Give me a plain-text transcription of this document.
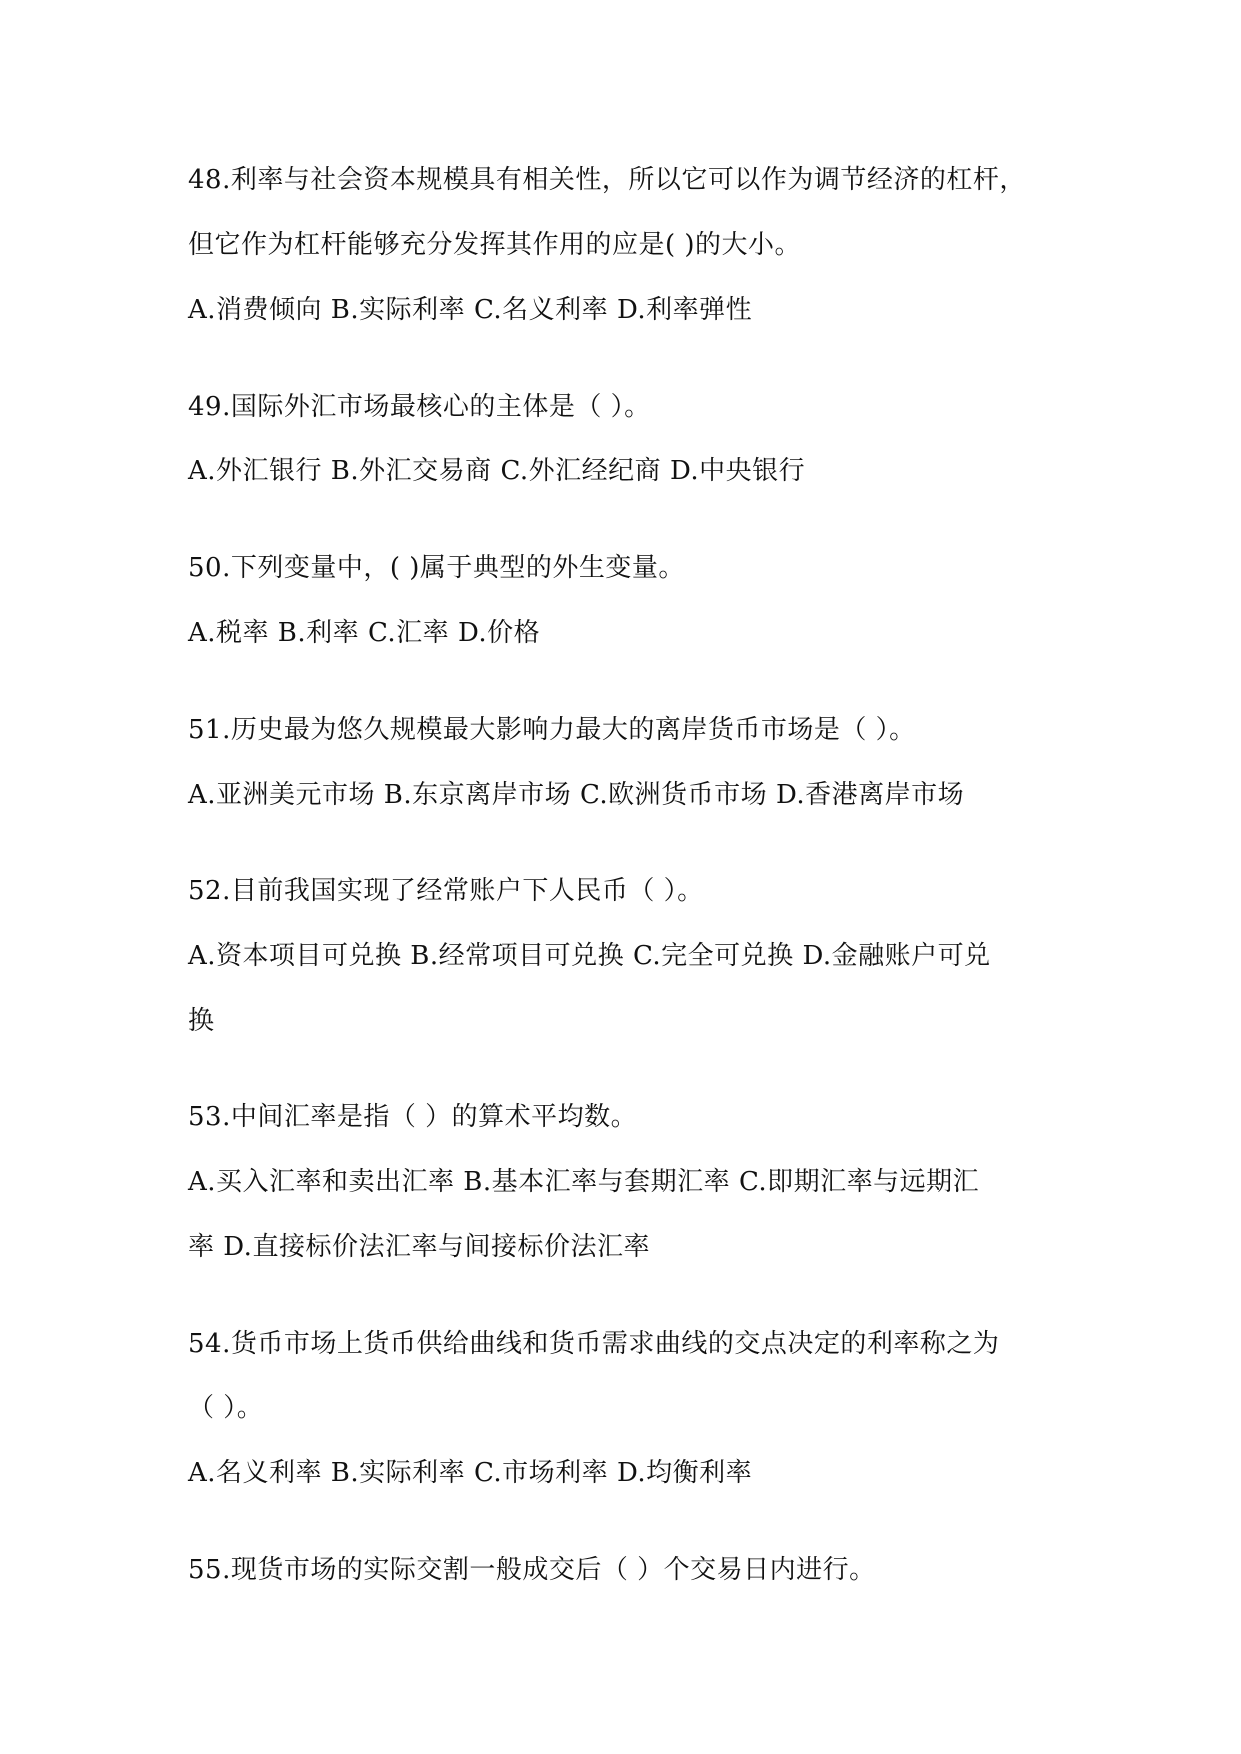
48.利率与社会资本规模具有相关性，所以它可以作为调节经济的杠杆，
但它作为杠杆能够充分发挥其作用的应是( )的大小。
A.消费倾向 B.实际利率 C.名义利率 D.利率弹性
49.国际外汇市场最核心的主体是（ ）。
A.外汇银行 B.外汇交易商 C.外汇经纪商 D.中央银行
50.下列变量中，( )属于典型的外生变量。
A.税率 B.利率 C.汇率 D.价格
51.历史最为悠久规模最大影响力最大的离岸货币市场是（ ）。
A.亚洲美元市场 B.东京离岸市场 C.欧洲货币市场 D.香港离岸市场
52.目前我国实现了经常账户下人民币（ ）。
A.资本项目可兑换 B.经常项目可兑换 C.完全可兑换 D.金融账户可兑
换
53.中间汇率是指（ ）的算术平均数。
A.买入汇率和卖出汇率 B.基本汇率与套期汇率 C.即期汇率与远期汇
率 D.直接标价法汇率与间接标价法汇率
54.货币市场上货币供给曲线和货币需求曲线的交点决定的利率称之为
（ ）。
A.名义利率 B.实际利率 C.市场利率 D.均衡利率
55.现货市场的实际交割一般成交后（ ）个交易日内进行。
